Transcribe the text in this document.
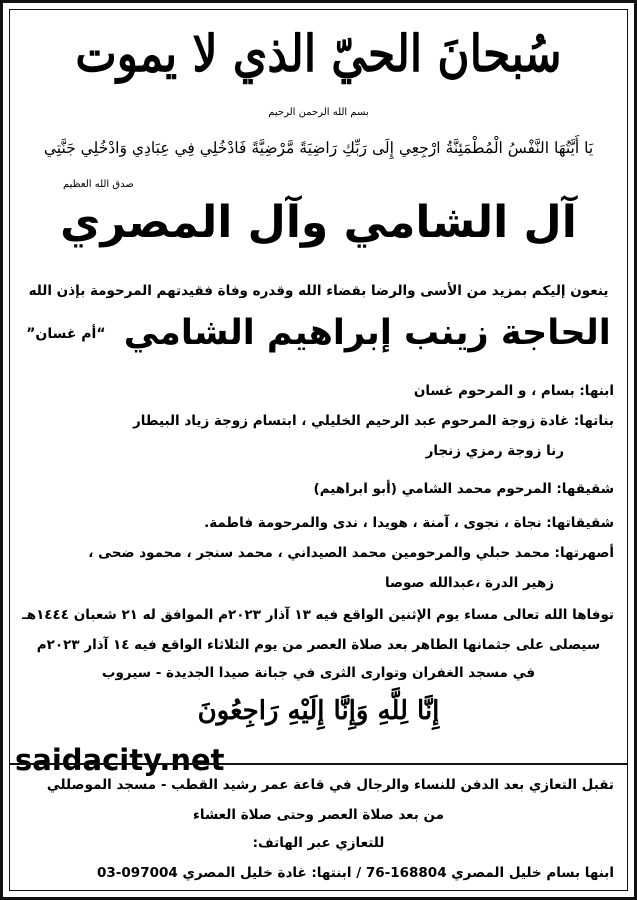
سُبحانَ الحيّ الذي لا يموت
بسم الله الرحمن الرحيم
يَا أَيَّتُهَا النَّفْسُ الْمُطْمَئِنَّةُ ارْجِعِي إِلَى رَبِّكِ رَاضِيَةً مَّرْضِيَّةً فَادْخُلِي فِي عِبَادِي وَادْخُلِي جَنَّتِي
صدق الله العظيم
آل الشامي وآل المصري
ينعون إليكم بمزيد من الأسى والرضا بقضاء الله وقدره وفاة فقيدتهم المرحومة بإذن الله
الحاجة زينب إبراهيم الشامي “أم غسان”
ابنها: بسام ، و المرحوم غسان
بناتها: غادة زوجة المرحوم عبد الرحيم الخليلي ، ابتسام زوجة زياد البيطار
رنا زوجة رمزي زنجار
شقيقها: المرحوم محمد الشامي (أبو ابراهيم)
شقيقاتها: نجاة ، نجوى ، آمنة ، هويدا ، ندى والمرحومة فاطمة.
أصهرتها: محمد حبلي والمرحومين محمد الصيداني ، محمد سنجر ، محمود ضحى ،
زهير الدرة ،عبدالله صوصا
توفاها الله تعالى مساء يوم الإثنين الواقع فيه ١٣ آذار ٢٠٢٣م الموافق له ٢١ شعبان ١٤٤٤هـ
سيصلى على جثمانها الطاهر بعد صلاة العصر من يوم الثلاثاء الواقع فيه ١٤ آذار ٢٠٢٣م
في مسجد الغفران وتوارى الثرى في جبانة صيدا الجديدة - سيروب
إِنَّا لِلَّهِ وَإِنَّا إِلَيْهِ رَاجِعُونَ
saidacity.net
تقبل التعازي بعد الدفن للنساء والرجال في قاعة عمر رشيد القطب - مسجد الموصللي
من بعد صلاة العصر وحتى صلاة العشاء
للتعازي عبر الهاتف:
ابنها بسام خليل المصري 168804-76 / ابنتها: غادة خليل المصري 097004-03
